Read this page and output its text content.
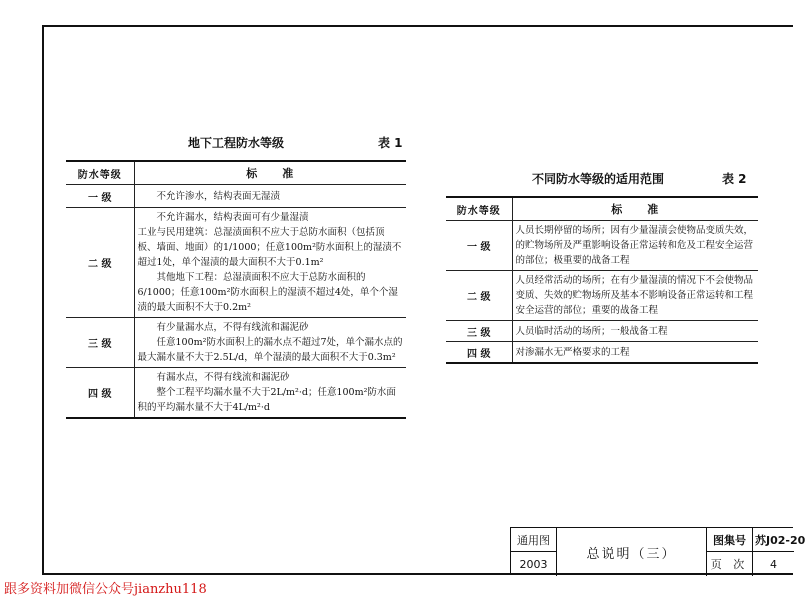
地下工程防水等级	表 1
防水等级	标　　准
一 级	不允许渗水，结构表面无湿渍

二 级	不允许漏水，结构表面可有少量湿渍

工业与民用建筑：总湿渍面积不应大于总防水面积（包括顶板、墙面、地面）的1/1000；任意100m²防水面积上的湿渍不超过1处，单个湿渍的最大面积不大于0.1m²

其他地下工程：总湿渍面积不应大于总防水面积的6/1000；任意100m²防水面积上的湿渍不超过4处，单个个湿渍的最大面积不大于0.2m²

三 级	有少量漏水点，不得有线流和漏泥砂

任意100m²防水面积上的漏水点不超过7处，单个漏水点的最大漏水量不大于2.5L/d，单个湿渍的最大面积不大于0.3m²

四 级	有漏水点，不得有线流和漏泥砂

整个工程平均漏水量不大于2L/m²·d；任意100m²防水面积的平均漏水量不大于4L/m²·d

不同防水等级的适用范围	表 2
防水等级	标　　准
一 级	人员长期停留的场所；因有少量湿渍会使物品变质失效，的贮物场所及严重影响设备正常运转和危及工程安全运营的部位；极重要的战备工程
二 级	人员经常活动的场所；在有少量湿渍的情况下不会使物品变质、失效的贮物场所及基本不影响设备正常运转和工程安全运营的部位；重要的战备工程
三 级	人员临时活动的场所；一般战备工程
四 级	对渗漏水无严格要求的工程
通用图
2003
总说明（三）
图集号
页 次
苏J02-20
4
跟多资料加微信公众号jianzhu118
